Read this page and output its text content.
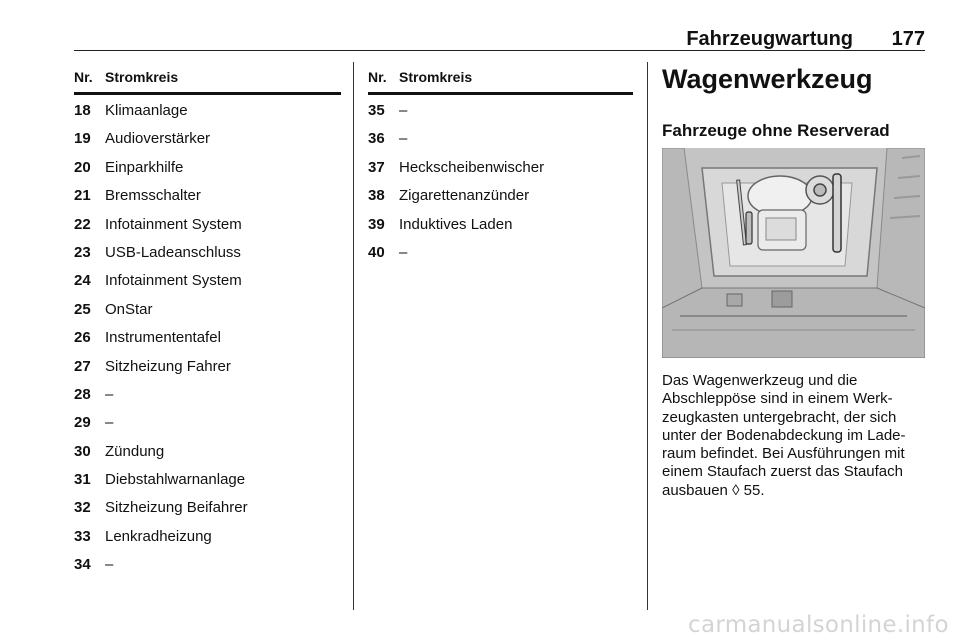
Fahrzeugwartung 177
Nr. Stromkreis
18 Klimaanlage
19 Audioverstärker
20 Einparkhilfe
21 Bremsschalter
22 Infotainment System
23 USB-Ladeanschluss
24 Infotainment System
25 OnStar
26 Instrumententafel
27 Sitzheizung Fahrer
28 –
29 –
30 Zündung
31 Diebstahlwarnanlage
32 Sitzheizung Beifahrer
33 Lenkradheizung
34 –
Nr. Stromkreis
35 –
36 –
37 Heckscheibenwischer
38 Zigarettenanzünder
39 Induktives Laden
40 –
Wagenwerkzeug
Fahrzeuge ohne Reserverad

Das Wagenwerkzeug und die

Abschleppöse sind in einem Werk-

zeugkasten untergebracht, der sich

unter der Bodenabdeckung im Lade-

raum befindet. Bei Ausführungen mit

einem Staufach zuerst das Staufach

ausbauen ◊ 55.

carmanualsonline.info
